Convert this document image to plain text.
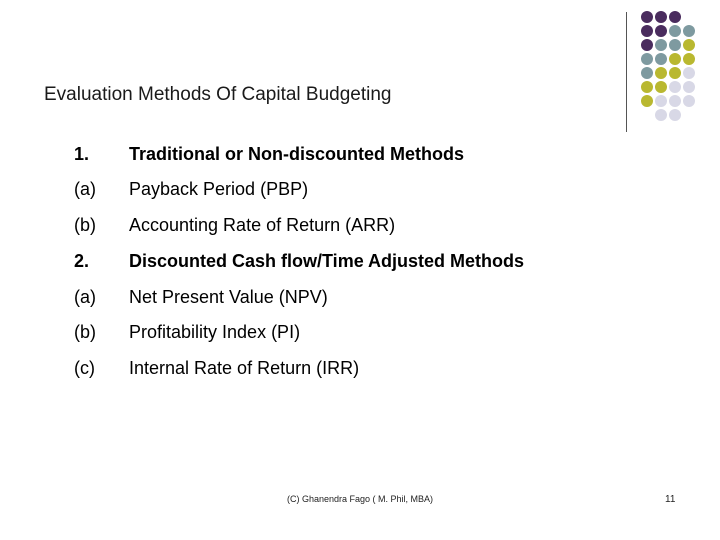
Evaluation Methods Of Capital Budgeting
1. Traditional or Non-discounted Methods
(a) Payback Period (PBP)
(b) Accounting Rate of Return (ARR)
2. Discounted Cash flow/Time Adjusted Methods
(a) Net Present Value (NPV)
(b) Profitability Index (PI)
(c) Internal Rate of Return (IRR)
(C) Ghanendra Fago ( M. Phil, MBA)	11
